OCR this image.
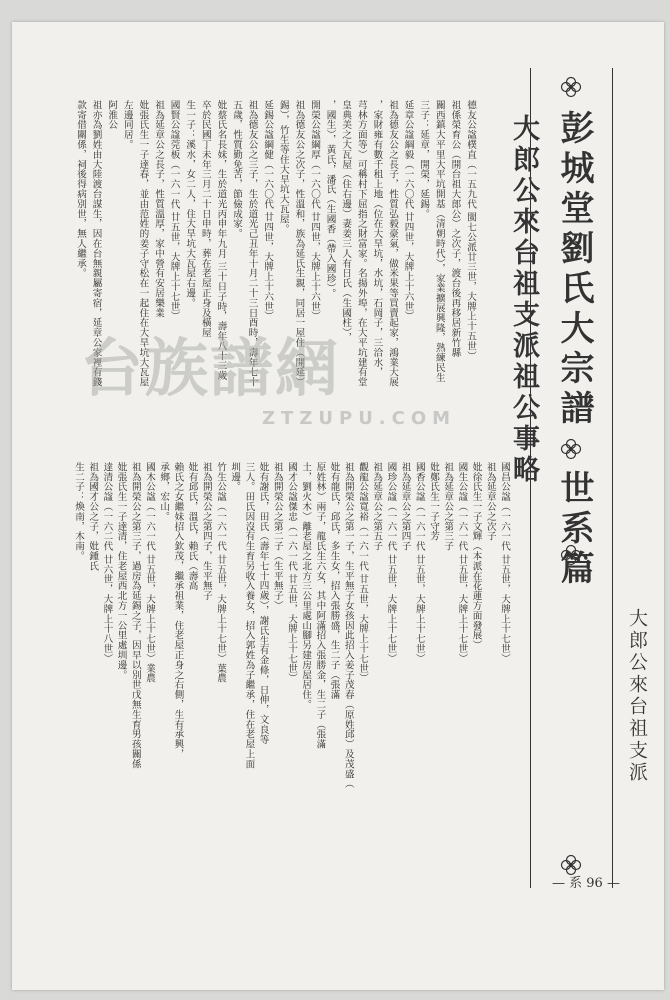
彭城堂劉氏大宗譜
世系篇
大郎公來台祖支派祖公事略
大郎公來台祖支派
德友公諡樸直（一五九代 閩七公派廿三世，大牌上十五世）
祖係榮育公（開台祖大郎公）之次子，渡台後再移居新竹縣
關西鎮大平里大平坑開基（清朝時代），家業擴展興隆，熟練民生
三子：延章，開榮，延錫。
延章公諡綱毅（一六〇代 廿四世，大牌上十六世）
祖為德友公之長子，性質弘毅豪氣，做米果等買賣起家，鴻業大展
，家財雍有數千租上地（位在大旱坑，水坑，石岡子，三洽水，
芎林方面等）可稱村下屈指之財富家。名揚外埠，在大平坑建有堂
皇典美之大瓦屋（住右邊）妻姜三人有日氏（生國柱），
，國生），黃氏，潘氏（生國香（帶入國珍）。
開榮公諡綱厚（一六〇代 廿四世，大牌上十六世）
祖為德友公之次子，性溫和，族為延氏生親，同居一屋住（開延）
錫），竹生等住大旱坑大瓦屋。
延錫公諡綱健（一六〇代 廿四世，大牌上十六世）
祖為德友公之三子，生於道光己丑年十月二十三日酉時，壽年七十
五歲，性質勤免苦，節儉成家。
妣蔡氏名長妹，生於道光丙申年九月 三十日子時，壽年八十三歲
卒於民國丁未年三月二十日申時，葬在老屋正身及橫屋
生一子：溪水，女二人，住大旱坑大瓦屋右邊。
國賢公諡莞板（一六一代 廿五世，大牌上十七世）
祖為延章公之長子，性質溫厚，家中營有安居樂業
妣張氏生一子達春，並由范姓的姜子守松在一起住在大旱坑大瓦屋
左邊同居。
阿淮公
祖亦為劉姓由大陸渡台謀生，因在台無親屬寄宿，延章公家裡有錢
款寄借關係，祠後得病別世，無人繼承。
國昌公諡（一六一代 廿五世，大牌上十七世）
祖為延章公之次子
妣徐氏生一子文輝（本派在花蓮方面發展）
國生公諡（一六一代 廿五世，大牌上十七世）
祖為延章公之第三子
妣鄭氏生一子守芳
國香公諡（一六一代 廿五世，大牌上十七世）
祖為延章公之第四子
國珍公諡（一六一代 廿五世，大牌上十七世）
祖為延章公之第五子
觀龍公諡寬裕（一六一代 廿五世，大牌上十七世）
祖為開榮公之第一子，生平無子女孩因此招入姜子茂春（原姓邱）及茂盛（
妣有龍氏，邱氏，多生女，招入張勝盛，生二子（張滿
原姓林）兩子，龍氏生六女，其中阿滿招入張勝金，生二子（張滿
土，劉火木）離老屋之北方三公里處山腳另建房屋居住。
國才公諡傑忠（一六一代 廿五世，大牌上十七世）
祖為開榮公之第二子（生平無子）
妣有謝氏，田氏（壽年七十四歲），謝氏生有金條，日伸，文良等
三人。田氏因沒有生育另收入養女，招入郭姓為子繼承，住在老屋上面
圳邊。
竹生公諡（一六一代 廿五世，大牌上十七世）葉農
祖為開榮公之第四子，生平無子
妣有邱氏，溫氏，賴氏（壽高
賴氏之女繼妹招入欽茂，繼承祖業，住老屋正身之右側，生有承興，
承鄉，宏山。
國木公諡（一六一代 廿五世，大牌上十七世）業農
祖為開榮公之第三子，過房為延錫之子，因早以別世戊無生育男孩關係
妣張氏生一子達清，住老屋西北方一公里處圳邊。
達清公諡（一六二代 廿六世，大牌上十八世）
祖為國才公之子，妣鍾氏
生二子：煥南，木南。
— 系 96 —
台族譜網
ZTZUPU.COM
